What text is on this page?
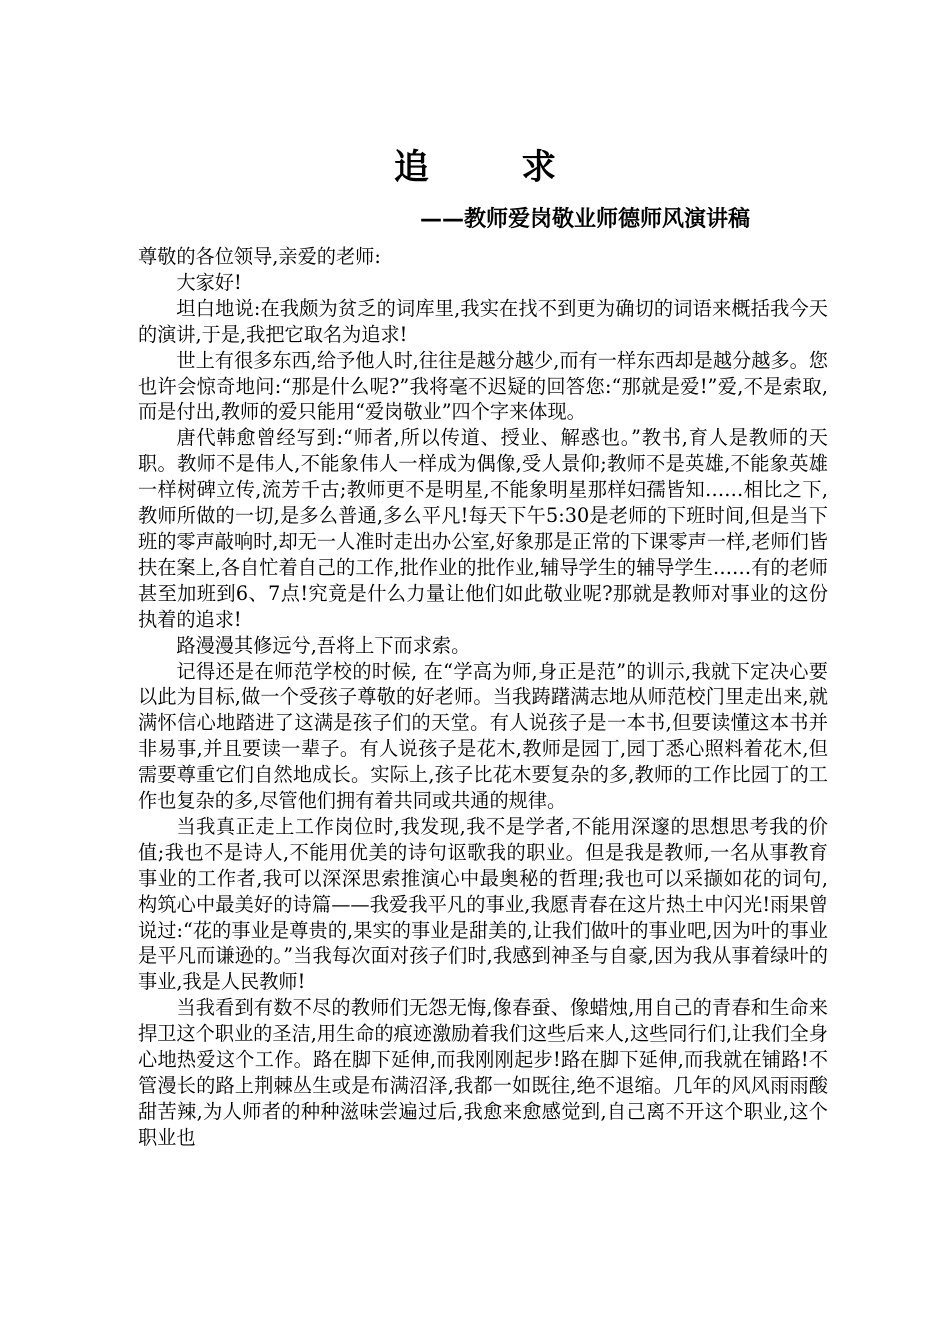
追 求
——教师爱岗敬业师德师风演讲稿

尊敬的各位领导,亲爱的老师:

大家好!

坦白地说:在我颇为贫乏的词库里,我实在找不到更为确切的词语来概括我今天的演讲,于是,我把它取名为追求!

世上有很多东西,给予他人时,往往是越分越少,而有一样东西却是越分越多。您也许会惊奇地问:“那是什么呢?”我将毫不迟疑的回答您:“那就是爱!”爱,不是索取,而是付出,教师的爱只能用“爱岗敬业”四个字来体现。

唐代韩愈曾经写到:“师者,所以传道、授业、解惑也。”教书,育人是教师的天职。教师不是伟人,不能象伟人一样成为偶像,受人景仰;教师不是英雄,不能象英雄一样树碑立传,流芳千古;教师更不是明星,不能象明星那样妇孺皆知……相比之下,教师所做的一切,是多么普通,多么平凡!每天下午5:30是老师的下班时间,但是当下班的零声敲响时,却无一人准时走出办公室,好象那是正常的下课零声一样,老师们皆扶在案上,各自忙着自己的工作,批作业的批作业,辅导学生的辅导学生……有的老师甚至加班到6、7点!究竟是什么力量让他们如此敬业呢?那就是教师对事业的这份执着的追求!

路漫漫其修远兮,吾将上下而求索。

记得还是在师范学校的时候, 在“学高为师,身正是范”的训示,我就下定决心要以此为目标,做一个受孩子尊敬的好老师。当我踌躇满志地从师范校门里走出来,就满怀信心地踏进了这满是孩子们的天堂。有人说孩子是一本书,但要读懂这本书并非易事,并且要读一辈子。有人说孩子是花木,教师是园丁,园丁悉心照料着花木,但需要尊重它们自然地成长。实际上,孩子比花木要复杂的多,教师的工作比园丁的工作也复杂的多,尽管他们拥有着共同或共通的规律。

当我真正走上工作岗位时,我发现,我不是学者,不能用深邃的思想思考我的价值;我也不是诗人,不能用优美的诗句讴歌我的职业。但是我是教师,一名从事教育事业的工作者,我可以深深思索推演心中最奥秘的哲理;我也可以采撷如花的词句,构筑心中最美好的诗篇——我爱我平凡的事业,我愿青春在这片热土中闪光!雨果曾说过:“花的事业是尊贵的,果实的事业是甜美的,让我们做叶的事业吧,因为叶的事业是平凡而谦逊的。”当我每次面对孩子们时,我感到神圣与自豪,因为我从事着绿叶的事业,我是人民教师!

当我看到有数不尽的教师们无怨无悔,像春蚕、像蜡烛,用自己的青春和生命来捍卫这个职业的圣洁,用生命的痕迹激励着我们这些后来人,这些同行们,让我们全身心地热爱这个工作。路在脚下延伸,而我刚刚起步!路在脚下延伸,而我就在铺路!不管漫长的路上荆棘丛生或是布满沼泽,我都一如既往,绝不退缩。几年的风风雨雨酸甜苦辣,为人师者的种种滋味尝遍过后,我愈来愈感觉到,自己离不开这个职业,这个职业也
